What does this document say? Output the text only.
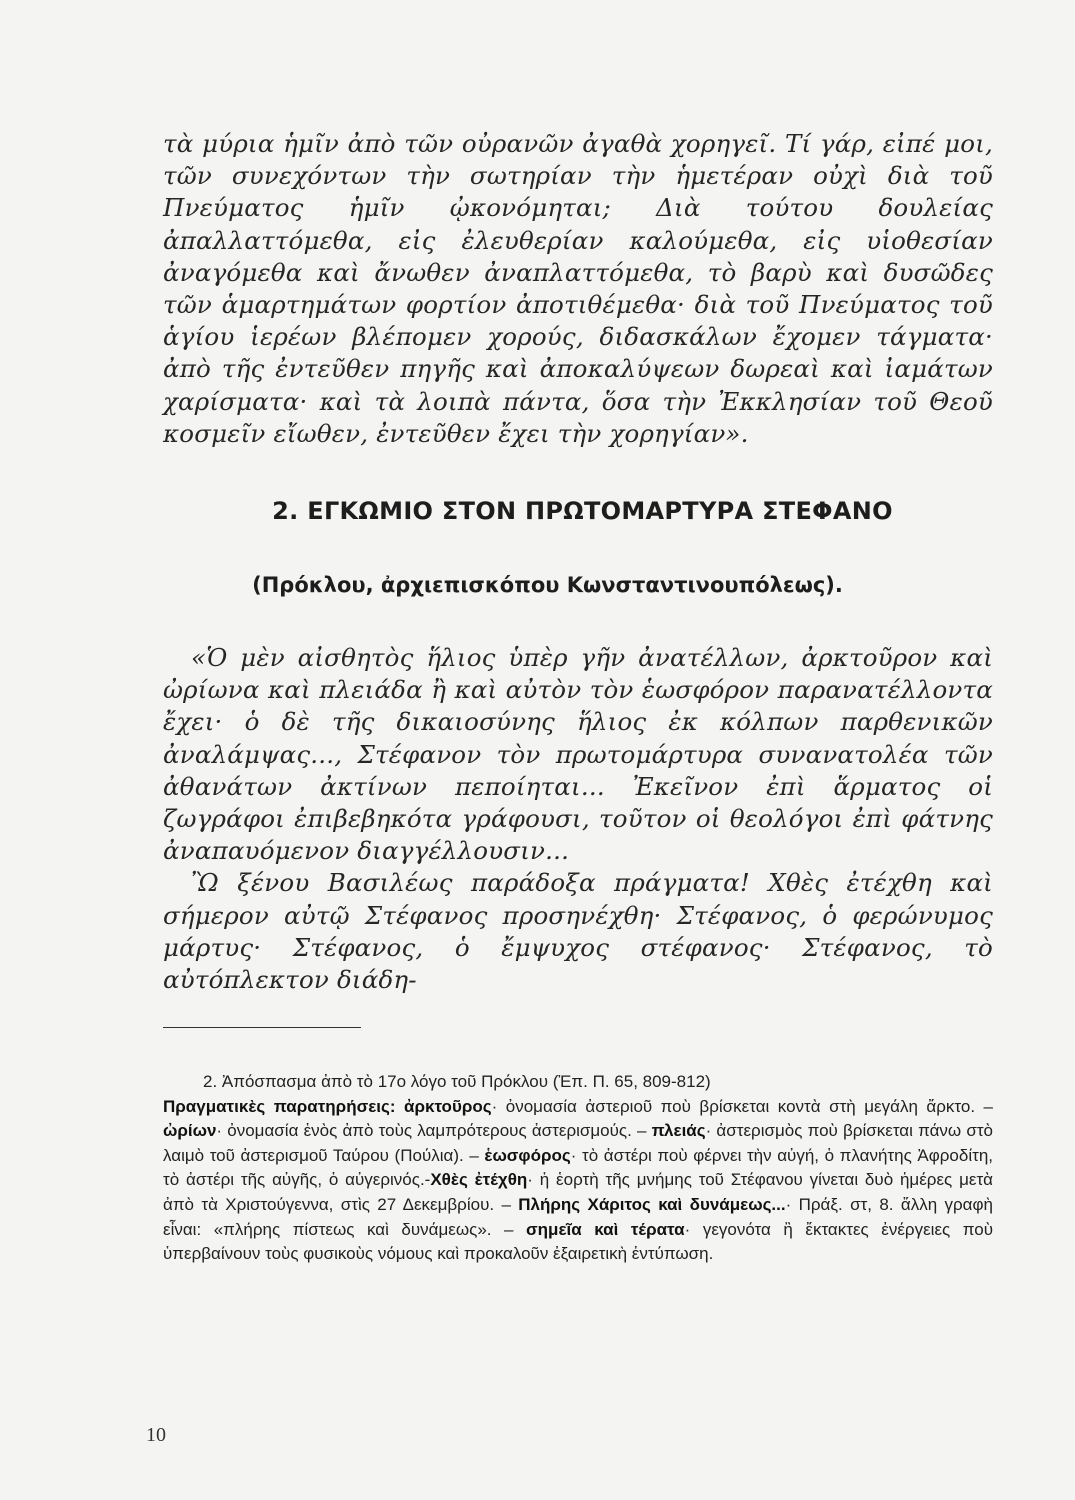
τὰ μύρια ἡμῖν ἀπὸ τῶν οὐρανῶν ἀγαθὰ χορηγεῖ. Τί γάρ, εἰπέ μοι, τῶν συνεχόντων τὴν σωτηρίαν τὴν ἡμετέραν οὐχὶ διὰ τοῦ Πνεύματος ἡμῖν ᾠκονόμηται; Διὰ τούτου δουλείας ἀπαλλαττόμεθα, εἰς ἐλευθερίαν καλούμεθα, εἰς υἱοθεσίαν ἀναγόμεθα καὶ ἄνωθεν ἀναπλαττόμεθα, τὸ βαρὺ καὶ δυσῶδες τῶν ἁμαρτημάτων φορτίον ἀποτιθέμεθα· διὰ τοῦ Πνεύματος τοῦ ἁγίου ἱερέων βλέπομεν χορούς, διδασκάλων ἔχομεν τάγματα· ἀπὸ τῆς ἐντεῦθεν πηγῆς καὶ ἀποκαλύψεων δωρεαὶ καὶ ἰαμάτων χαρίσματα· καὶ τὰ λοιπὰ πάντα, ὅσα τὴν Ἐκκλησίαν τοῦ Θεοῦ κοσμεῖν εἴωθεν, ἐντεῦθεν ἔχει τὴν χορηγίαν».

2. ΕΓΚΩΜΙΟ ΣΤΟΝ ΠΡΩΤΟΜΑΡΤΥΡΑ ΣΤΕΦΑΝΟ
(Πρόκλου, ἀρχιεπισκόπου Κωνσταντινουπόλεως).

«Ὁ μὲν αἰσθητὸς ἥλιος ὑπὲρ γῆν ἀνατέλλων, ἀρκτοῦρον καὶ ὠρίωνα καὶ πλειάδα ἢ καὶ αὐτὸν τὸν ἑωσφόρον παρανατέλλοντα ἔχει· ὁ δὲ τῆς δικαιοσύνης ἥλιος ἐκ κόλπων παρθενικῶν ἀναλάμψας..., Στέφανον τὸν πρωτομάρτυρα συνανατολέα τῶν ἀθανάτων ἀκτίνων πεποίηται... Ἐκεῖνον ἐπὶ ἅρματος οἱ ζωγράφοι ἐπιβεβηκότα γράφουσι, τοῦτον οἱ θεολόγοι ἐπὶ φάτνης ἀναπαυόμενον διαγγέλλουσιν...

Ὢ ξένου Βασιλέως παράδοξα πράγματα! Χθὲς ἐτέχθη καὶ σήμερον αὐτῷ Στέφανος προσηνέχθη· Στέφανος, ὁ φερώνυμος μάρτυς· Στέφανος, ὁ ἔμψυχος στέφανος· Στέφανος, τὸ αὐτόπλεκτον διάδη-

2. Ἀπόσπασμα ἀπὸ τὸ 17ο λόγο τοῦ Πρόκλου (Ἐπ. Π. 65, 809-812)

Πραγματικὲς παρατηρήσεις: ἀρκτοῦρος· ὀνομασία ἀστεριοῦ ποὺ βρίσκεται κοντὰ στὴ μεγάλη ἄρκτο. – ὠρίων· ὀνομασία ἑνὸς ἀπὸ τοὺς λαμπρότερους ἀστερισμούς. – πλειάς· ἀστερισμὸς ποὺ βρίσκεται πάνω στὸ λαιμὸ τοῦ ἀστερισμοῦ Ταύρου (Πούλια). – ἑωσφόρος· τὸ ἀστέρι ποὺ φέρνει τὴν αὐγή, ὁ πλανήτης Ἀφροδίτη, τὸ ἀστέρι τῆς αὐγῆς, ὁ αὐγερινός.-Χθὲς ἐτέχθη· ἡ ἑορτὴ τῆς μνήμης τοῦ Στέφανου γίνεται δυὸ ἡμέρες μετὰ ἀπὸ τὰ Χριστούγεννα, στὶς 27 Δεκεμβρίου. – Πλήρης Χάριτος καὶ δυνάμεως...· Πράξ. στ, 8. ἄλλη γραφὴ εἶναι: «πλήρης πίστεως καὶ δυνάμεως». – σημεῖα καὶ τέρατα· γεγονότα ἢ ἔκτακτες ἐνέργειες ποὺ ὑπερβαίνουν τοὺς φυσικοὺς νόμους καὶ προκαλοῦν ἐξαιρετικὴ ἐντύπωση.

10
